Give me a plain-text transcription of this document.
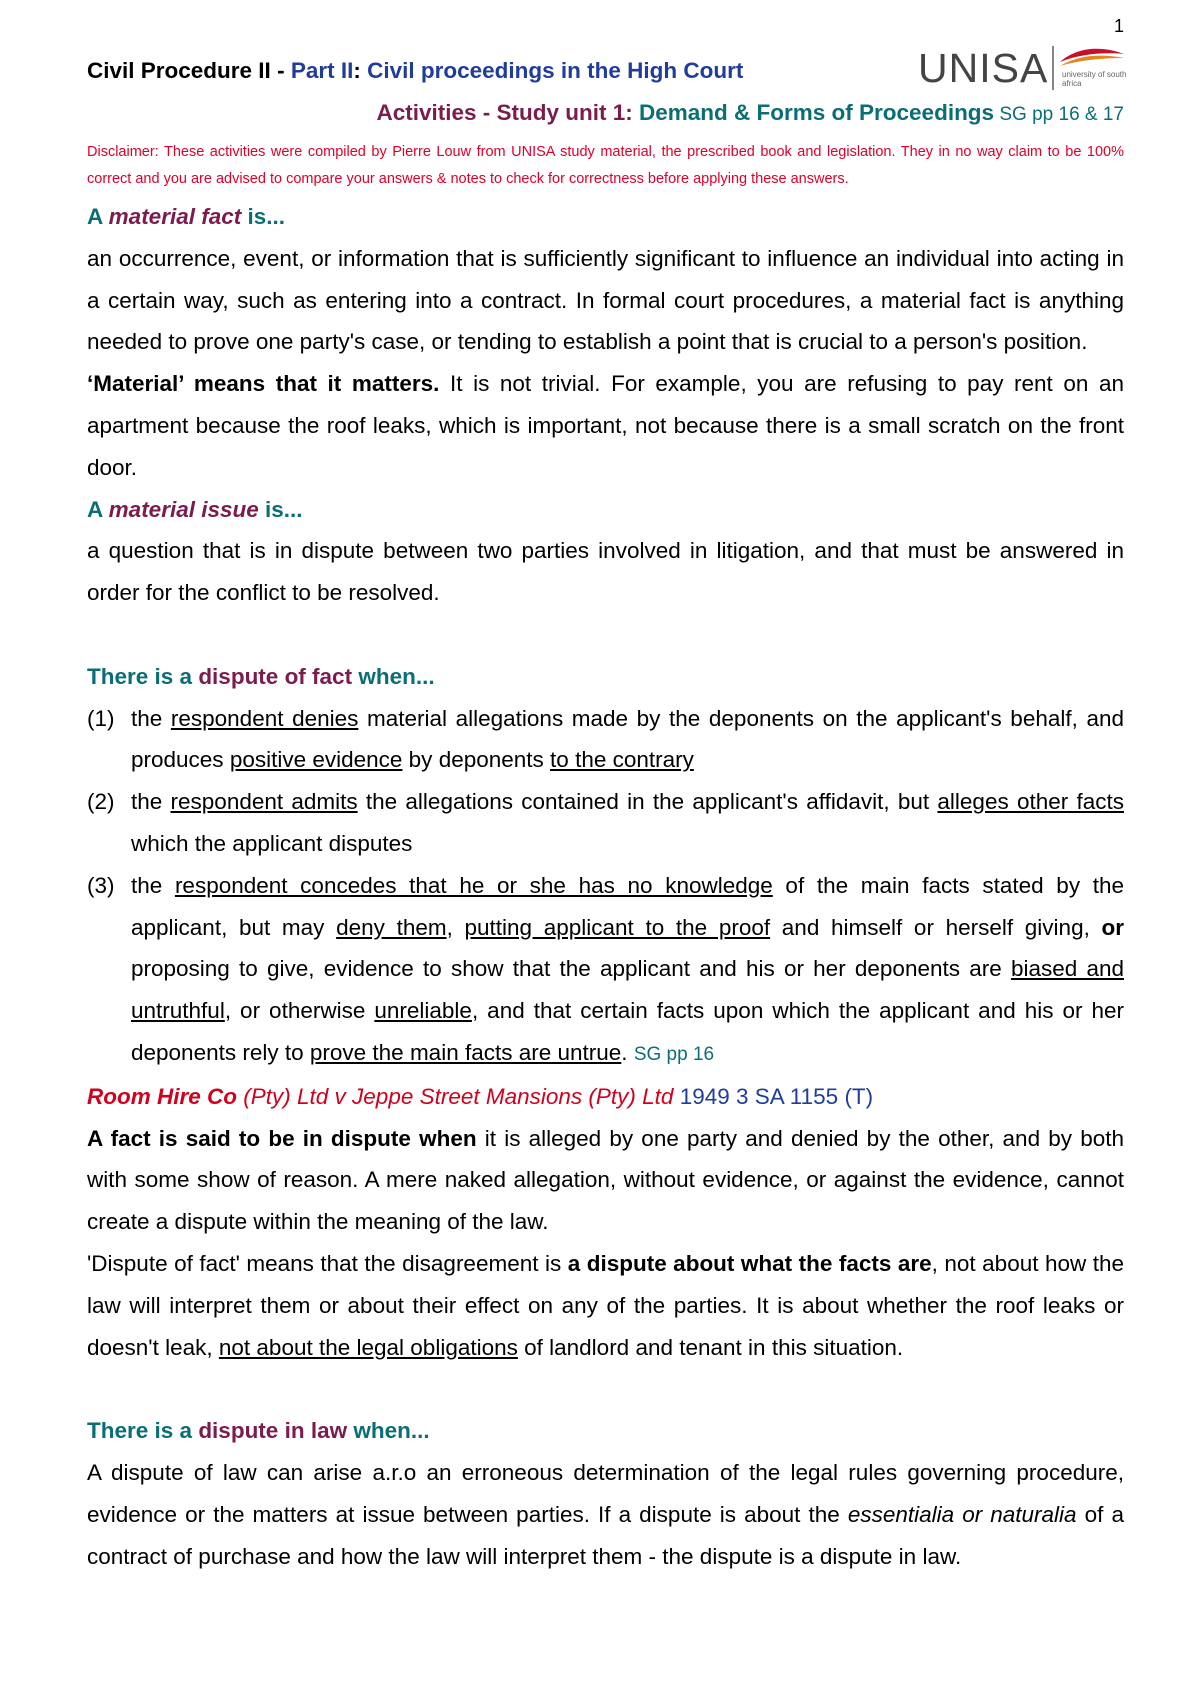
1
Civil Procedure II - Part II: Civil proceedings in the High Court	UNISA university of south africa
Activities - Study unit 1: Demand & Forms of Proceedings SG pp 16 & 17
Disclaimer: These activities were compiled by Pierre Louw from UNISA study material, the prescribed book and legislation. They in no way claim to be 100% correct and you are advised to compare your answers & notes to check for correctness before applying these answers.

A material fact is...

an occurrence, event, or information that is sufficiently significant to influence an individual into acting in a certain way, such as entering into a contract. In formal court procedures, a material fact is anything needed to prove one party's case, or tending to establish a point that is crucial to a person's position.

‘Material’ means that it matters. It is not trivial. For example, you are refusing to pay rent on an apartment because the roof leaks, which is important, not because there is a small scratch on the front door.

A material issue is...

a question that is in dispute between two parties involved in litigation, and that must be answered in order for the conflict to be resolved.

There is a dispute of fact when...

(1) the respondent denies material allegations made by the deponents on the applicant's behalf, and produces positive evidence by deponents to the contrary
(2) the respondent admits the allegations contained in the applicant's affidavit, but alleges other facts which the applicant disputes
(3) the respondent concedes that he or she has no knowledge of the main facts stated by the applicant, but may deny them, putting applicant to the proof and himself or herself giving, or proposing to give, evidence to show that the applicant and his or her deponents are biased and untruthful, or otherwise unreliable, and that certain facts upon which the applicant and his or her deponents rely to prove the main facts are untrue. SG pp 16

Room Hire Co (Pty) Ltd v Jeppe Street Mansions (Pty) Ltd 1949 3 SA 1155 (T)

A fact is said to be in dispute when it is alleged by one party and denied by the other, and by both with some show of reason. A mere naked allegation, without evidence, or against the evidence, cannot create a dispute within the meaning of the law.

'Dispute of fact' means that the disagreement is a dispute about what the facts are, not about how the law will interpret them or about their effect on any of the parties. It is about whether the roof leaks or doesn't leak, not about the legal obligations of landlord and tenant in this situation.

There is a dispute in law when...

A dispute of law can arise a.r.o an erroneous determination of the legal rules governing procedure, evidence or the matters at issue between parties. If a dispute is about the essentialia or naturalia of a contract of purchase and how the law will interpret them - the dispute is a dispute in law.
